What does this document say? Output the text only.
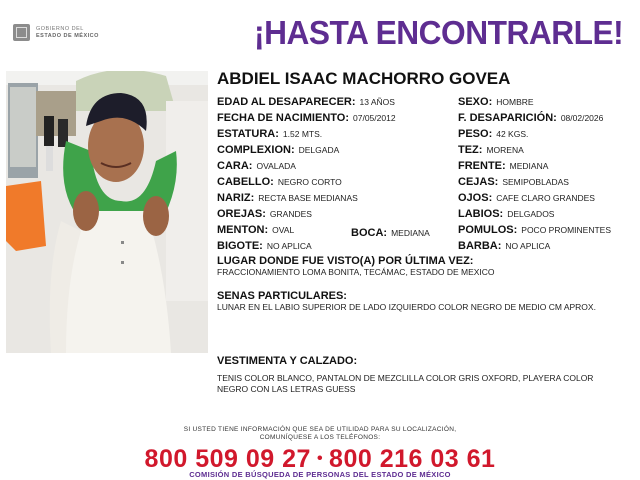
GOBIERNO DEL
ESTADO DE MÉXICO	¡HASTA ENCONTRARLE!
ABDIEL ISAAC MACHORRO GOVEA
EDAD AL DESAPARECER: 13 AÑOS
FECHA DE NACIMIENTO: 07/05/2012
ESTATURA: 1.52 MTS.
COMPLEXION: DELGADA
CARA: OVALADA
CABELLO: NEGRO CORTO
NARIZ: RECTA BASE MEDIANAS
OREJAS: GRANDES
MENTON: OVAL	BOCA: MEDIANA
BIGOTE: NO APLICA
SEXO: HOMBRE
F. DESAPARICIÓN: 08/02/2026
PESO: 42 KGS.
TEZ: MORENA
FRENTE: MEDIANA
CEJAS: SEMIPOBLADAS
OJOS: CAFE CLARO GRANDES
LABIOS: DELGADOS
POMULOS: POCO PROMINENTES
BARBA: NO APLICA
LUGAR DONDE FUE VISTO(A) POR ÚLTIMA VEZ:
FRACCIONAMIENTO LOMA BONITA, TECÁMAC, ESTADO DE MEXICO
SENAS PARTICULARES:
LUNAR EN EL LABIO SUPERIOR DE LADO IZQUIERDO COLOR NEGRO DE MEDIO CM APROX.
VESTIMENTA Y CALZADO:
TENIS COLOR BLANCO, PANTALON DE MEZCLILLA COLOR GRIS OXFORD, PLAYERA COLOR NEGRO CON LAS LETRAS GUESS
SI USTED TIENE INFORMACIÓN QUE SEA DE UTILIDAD PARA SU LOCALIZACIÓN,
COMUNÍQUESE A LOS TELÉFONOS:
800 509 09 27 • 800 216 03 61
COMISIÓN DE BÚSQUEDA DE PERSONAS DEL ESTADO DE MÉXICO
